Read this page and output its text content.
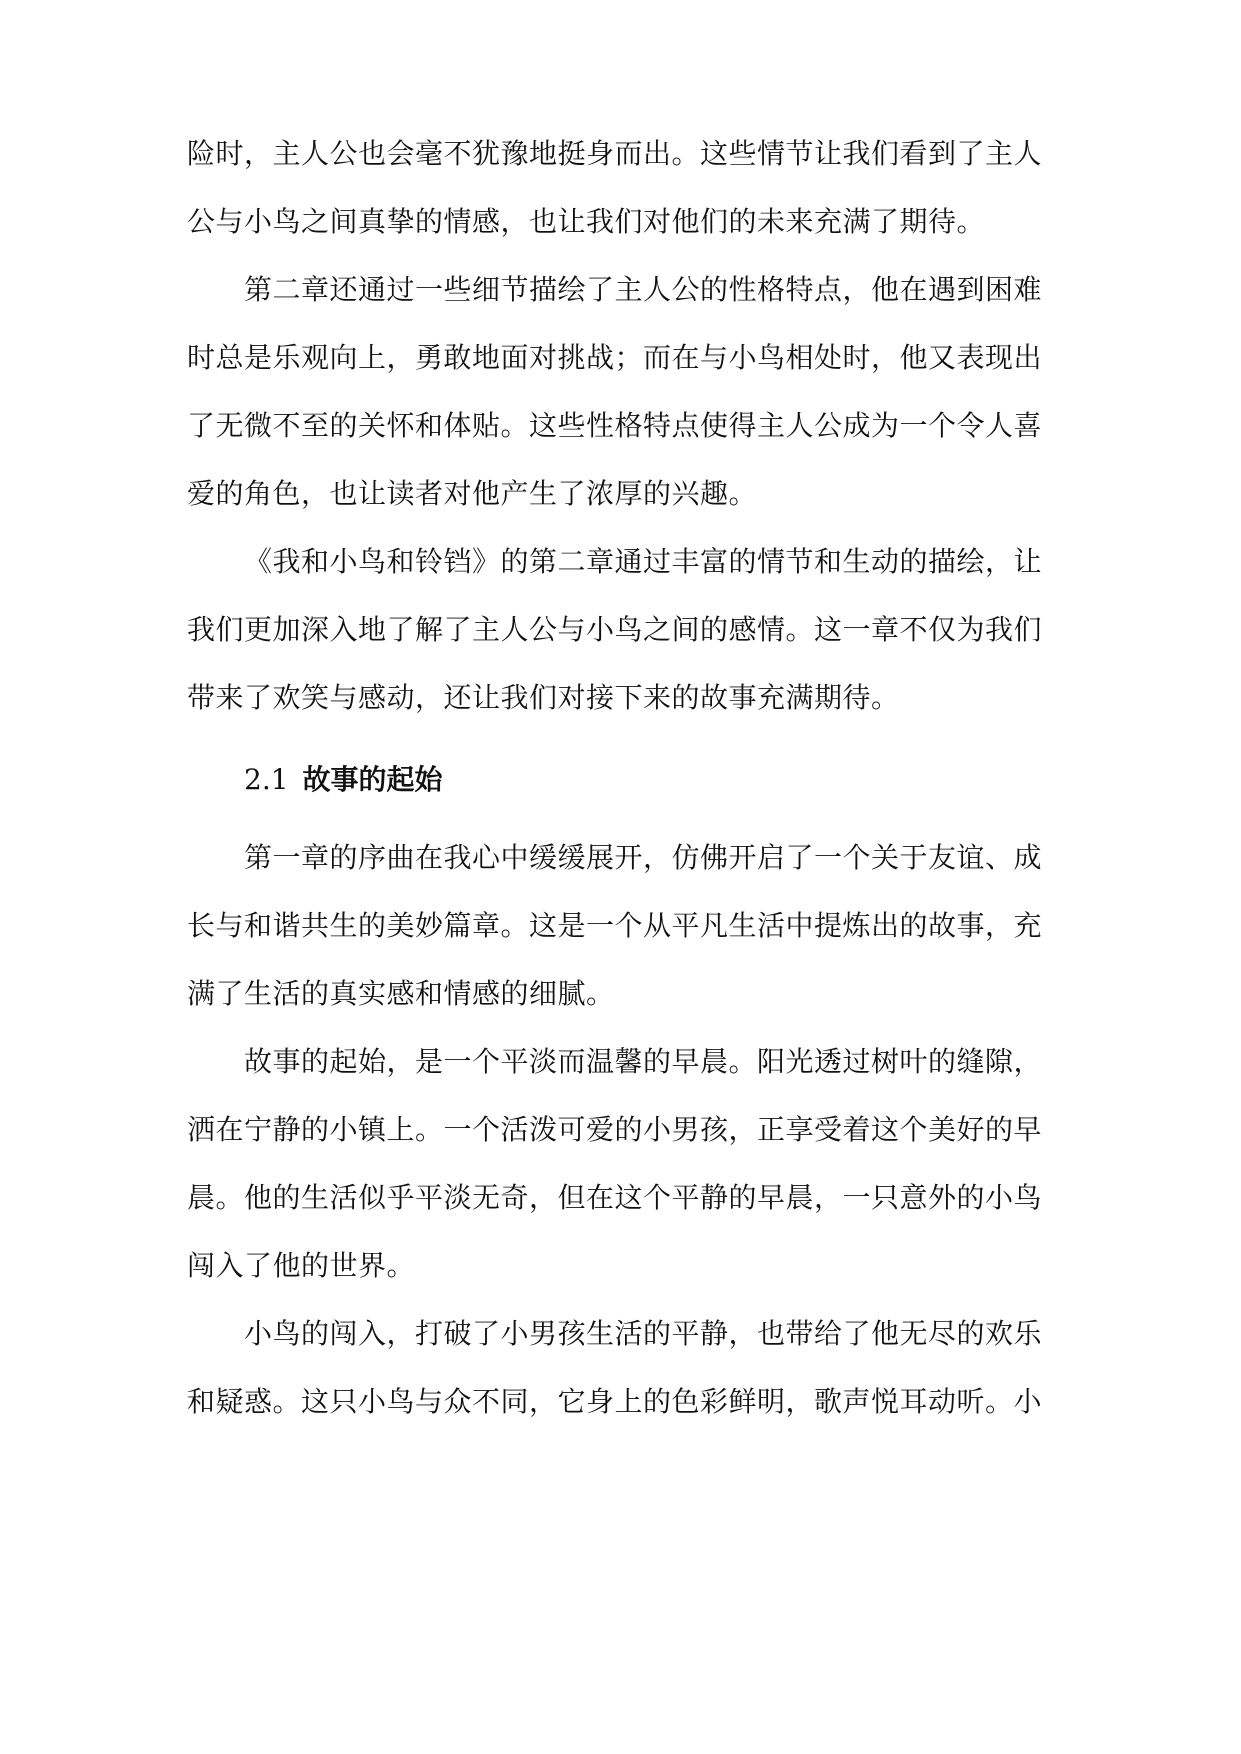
险时，主人公也会毫不犹豫地挺身而出。这些情节让我们看到了主人
公与小鸟之间真挚的情感，也让我们对他们的未来充满了期待。
第二章还通过一些细节描绘了主人公的性格特点，他在遇到困难
时总是乐观向上，勇敢地面对挑战；而在与小鸟相处时，他又表现出
了无微不至的关怀和体贴。这些性格特点使得主人公成为一个令人喜
爱的角色，也让读者对他产生了浓厚的兴趣。
《我和小鸟和铃铛》的第二章通过丰富的情节和生动的描绘，让
我们更加深入地了解了主人公与小鸟之间的感情。这一章不仅为我们
带来了欢笑与感动，还让我们对接下来的故事充满期待。
2.1 故事的起始
第一章的序曲在我心中缓缓展开，仿佛开启了一个关于友谊、成
长与和谐共生的美妙篇章。这是一个从平凡生活中提炼出的故事，充
满了生活的真实感和情感的细腻。
故事的起始，是一个平淡而温馨的早晨。阳光透过树叶的缝隙，
洒在宁静的小镇上。一个活泼可爱的小男孩，正享受着这个美好的早
晨。他的生活似乎平淡无奇，但在这个平静的早晨，一只意外的小鸟
闯入了他的世界。
小鸟的闯入，打破了小男孩生活的平静，也带给了他无尽的欢乐
和疑惑。这只小鸟与众不同，它身上的色彩鲜明，歌声悦耳动听。小
